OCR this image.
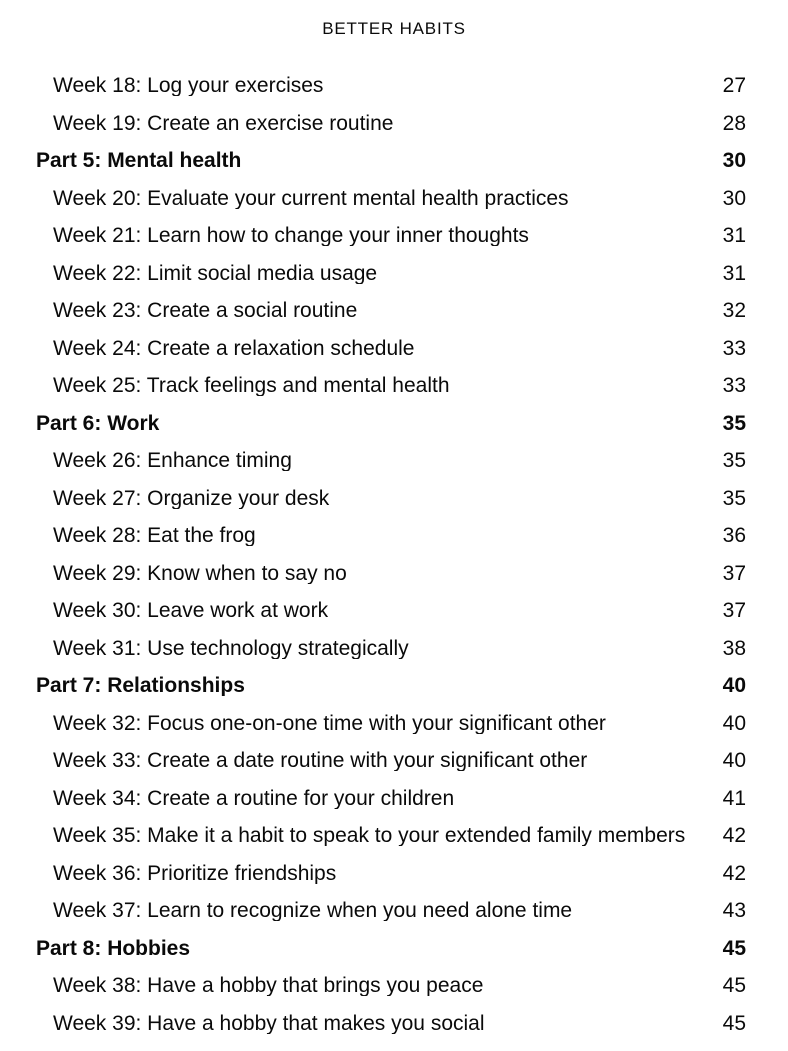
BETTER HABITS
Week 18: Log your exercises	27
Week 19: Create an exercise routine	28
Part 5: Mental health	30
Week 20: Evaluate your current mental health practices	30
Week 21: Learn how to change your inner thoughts	31
Week 22: Limit social media usage	31
Week 23: Create a social routine	32
Week 24: Create a relaxation schedule	33
Week 25: Track feelings and mental health	33
Part 6: Work	35
Week 26: Enhance timing	35
Week 27: Organize your desk	35
Week 28: Eat the frog	36
Week 29: Know when to say no	37
Week 30: Leave work at work	37
Week 31: Use technology strategically	38
Part 7: Relationships	40
Week 32: Focus one-on-one time with your significant other	40
Week 33: Create a date routine with your significant other	40
Week 34: Create a routine for your children	41
Week 35: Make it a habit to speak to your extended family members	42
Week 36: Prioritize friendships	42
Week 37: Learn to recognize when you need alone time	43
Part 8: Hobbies	45
Week 38: Have a hobby that brings you peace	45
Week 39: Have a hobby that makes you social	45
